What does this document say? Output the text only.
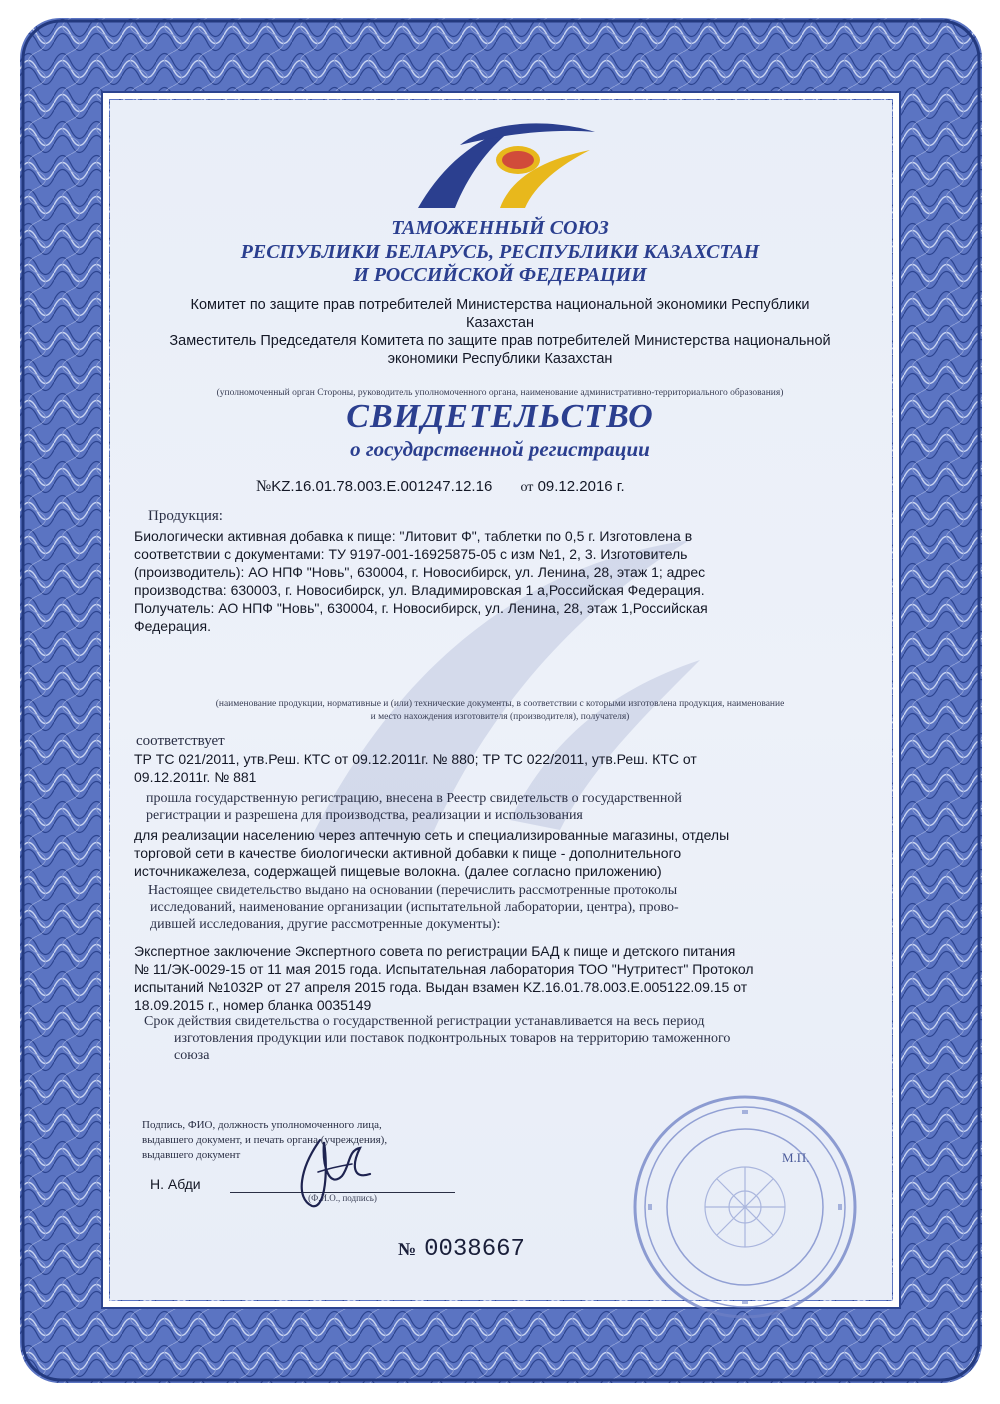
ТАМОЖЕННЫЙ СОЮЗ
РЕСПУБЛИКИ БЕЛАРУСЬ, РЕСПУБЛИКИ КАЗАХСТАН
И РОССИЙСКОЙ ФЕДЕРАЦИИ
Комитет по защите прав потребителей Министерства национальной экономики Республики
Казахстан
Заместитель Председателя Комитета по защите прав потребителей Министерства национальной
экономики Республики Казахстан
(уполномоченный орган Стороны, руководитель уполномоченного органа, наименование административно-территориального образования)
СВИДЕТЕЛЬСТВО
о государственной регистрации
№KZ.16.01.78.003.E.001247.12.16 от 09.12.2016 г.
Продукция:
Биологически активная добавка к пище: "Литовит Ф", таблетки по 0,5 г. Изготовлена в
соответствии с документами: ТУ 9197-001-16925875-05 с изм №1, 2, 3. Изготовитель
(производитель): АО НПФ "Новь", 630004, г. Новосибирск, ул. Ленина, 28, этаж 1; адрес
производства: 630003, г. Новосибирск, ул. Владимировская 1 а,Российская Федерация.
Получатель: АО НПФ "Новь", 630004, г. Новосибирск, ул. Ленина, 28, этаж 1,Российская
Федерация.
(наименование продукции, нормативные и (или) технические документы, в соответствии с которыми изготовлена продукция, наименование
и место нахождения изготовителя (производителя), получателя)
соответствует
ТР ТС 021/2011, утв.Реш. КТС от 09.12.2011г. № 880; ТР ТС 022/2011, утв.Реш. КТС от
09.12.2011г. № 881
прошла государственную регистрацию, внесена в Реестр свидетельств о государственной
регистрации и разрешена для производства, реализации и использования
для реализации населению через аптечную сеть и специализированные магазины, отделы
торговой сети в качестве биологически активной добавки к пище - дополнительного
источникажелеза, содержащей пищевые волокна. (далее согласно приложению)
Настоящее свидетельство выдано на основании (перечислить рассмотренные протоколы
исследований, наименование организации (испытательной лаборатории, центра), прово-
дившей исследования, другие рассмотренные документы):
Экспертное заключение Экспертного совета по регистрации БАД к пище и детского питания
№ 11/ЭК-0029-15 от 11 мая 2015 года. Испытательная лаборатория ТОО "Нутритест" Протокол
испытаний №1032Р от 27 апреля 2015 года. Выдан взамен KZ.16.01.78.003.E.005122.09.15 от
18.09.2015 г., номер бланка 0035149
Срок действия свидетельства о государственной регистрации устанавливается на весь период
изготовления продукции или поставок подконтрольных товаров на территорию таможенного
союза
Подпись, ФИО, должность уполномоченного лица,
выдавшего документ, и печать органа (учреждения),
выдавшего документ
Н. Абди
(Ф.И.О., подпись)
№ 0038667
М.П.
